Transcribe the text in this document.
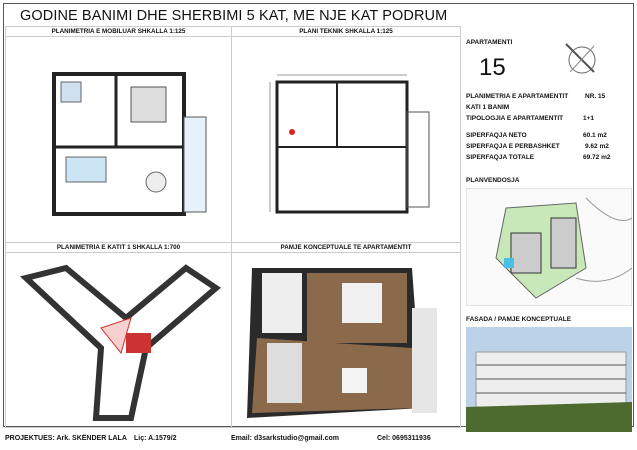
GODINE BANIMI DHE SHERBIMI 5 KAT, ME NJE KAT PODRUM
PLANIMETRIA E MOBILUAR SHKALLA 1:125	PLANI TEKNIK SHKALLA 1:125
PLANIMETRIA E KATIT 1 SHKALLA 1:700	PAMJE KONCEPTUALE TE APARTAMENTIT
APARTAMENTI
15
PLANIMETRIA E APARTAMENTIT	NR. 15
KATI 1 BANIM
TIPOLOGJIA E APARTAMENTIT	1+1
SIPERFAQJA NETO	60.1 m2
SIPERFAQJA E PERBASHKET	9.62 m2
SIPERFAQJA TOTALE	69.72 m2
PLANVENDOSJA
FASADA / PAMJE KONCEPTUALE
PROJEKTUES: Ark. SKËNDER LALA Liç: A.1579/2	Email: d3sarkstudio@gmail.com	Cel: 0695311936
